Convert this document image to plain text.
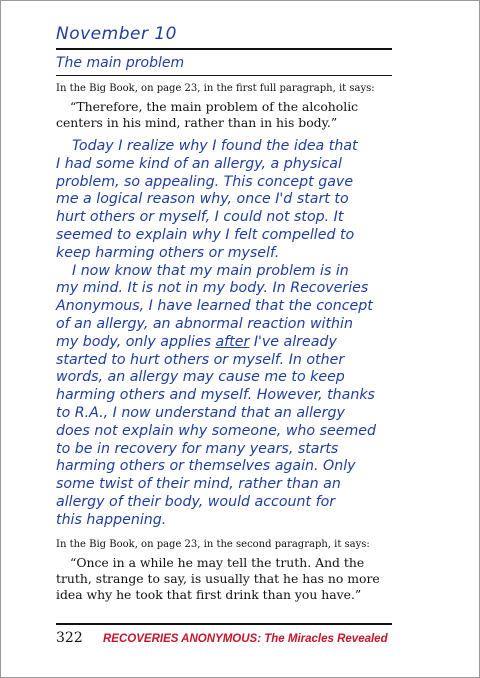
November 10
The main problem
In the Big Book, on page 23, in the first full paragraph, it says:
“Therefore, the main problem of the alcoholic centers in his mind, rather than in his body.”
Today I realize why I found the idea that
I had some kind of an allergy, a physical
problem, so appealing. This concept gave
me a logical reason why, once I'd start to
hurt others or myself, I could not stop. It
seemed to explain why I felt compelled to
keep harming others or myself.
I now know that my main problem is in
my mind. It is not in my body. In Recoveries
Anonymous, I have learned that the concept
of an allergy, an abnormal reaction within
my body, only applies after I've already
started to hurt others or myself. In other
words, an allergy may cause me to keep
harming others and myself. However, thanks
to R.A., I now understand that an allergy
does not explain why someone, who seemed
to be in recovery for many years, starts
harming others or themselves again. Only
some twist of their mind, rather than an
allergy of their body, would account for
this happening.
In the Big Book, on page 23, in the second paragraph, it says:
“Once in a while he may tell the truth. And the truth, strange to say, is usually that he has no more idea why he took that first drink than you have.”
322 RECOVERIES ANONYMOUS: The Miracles Revealed
